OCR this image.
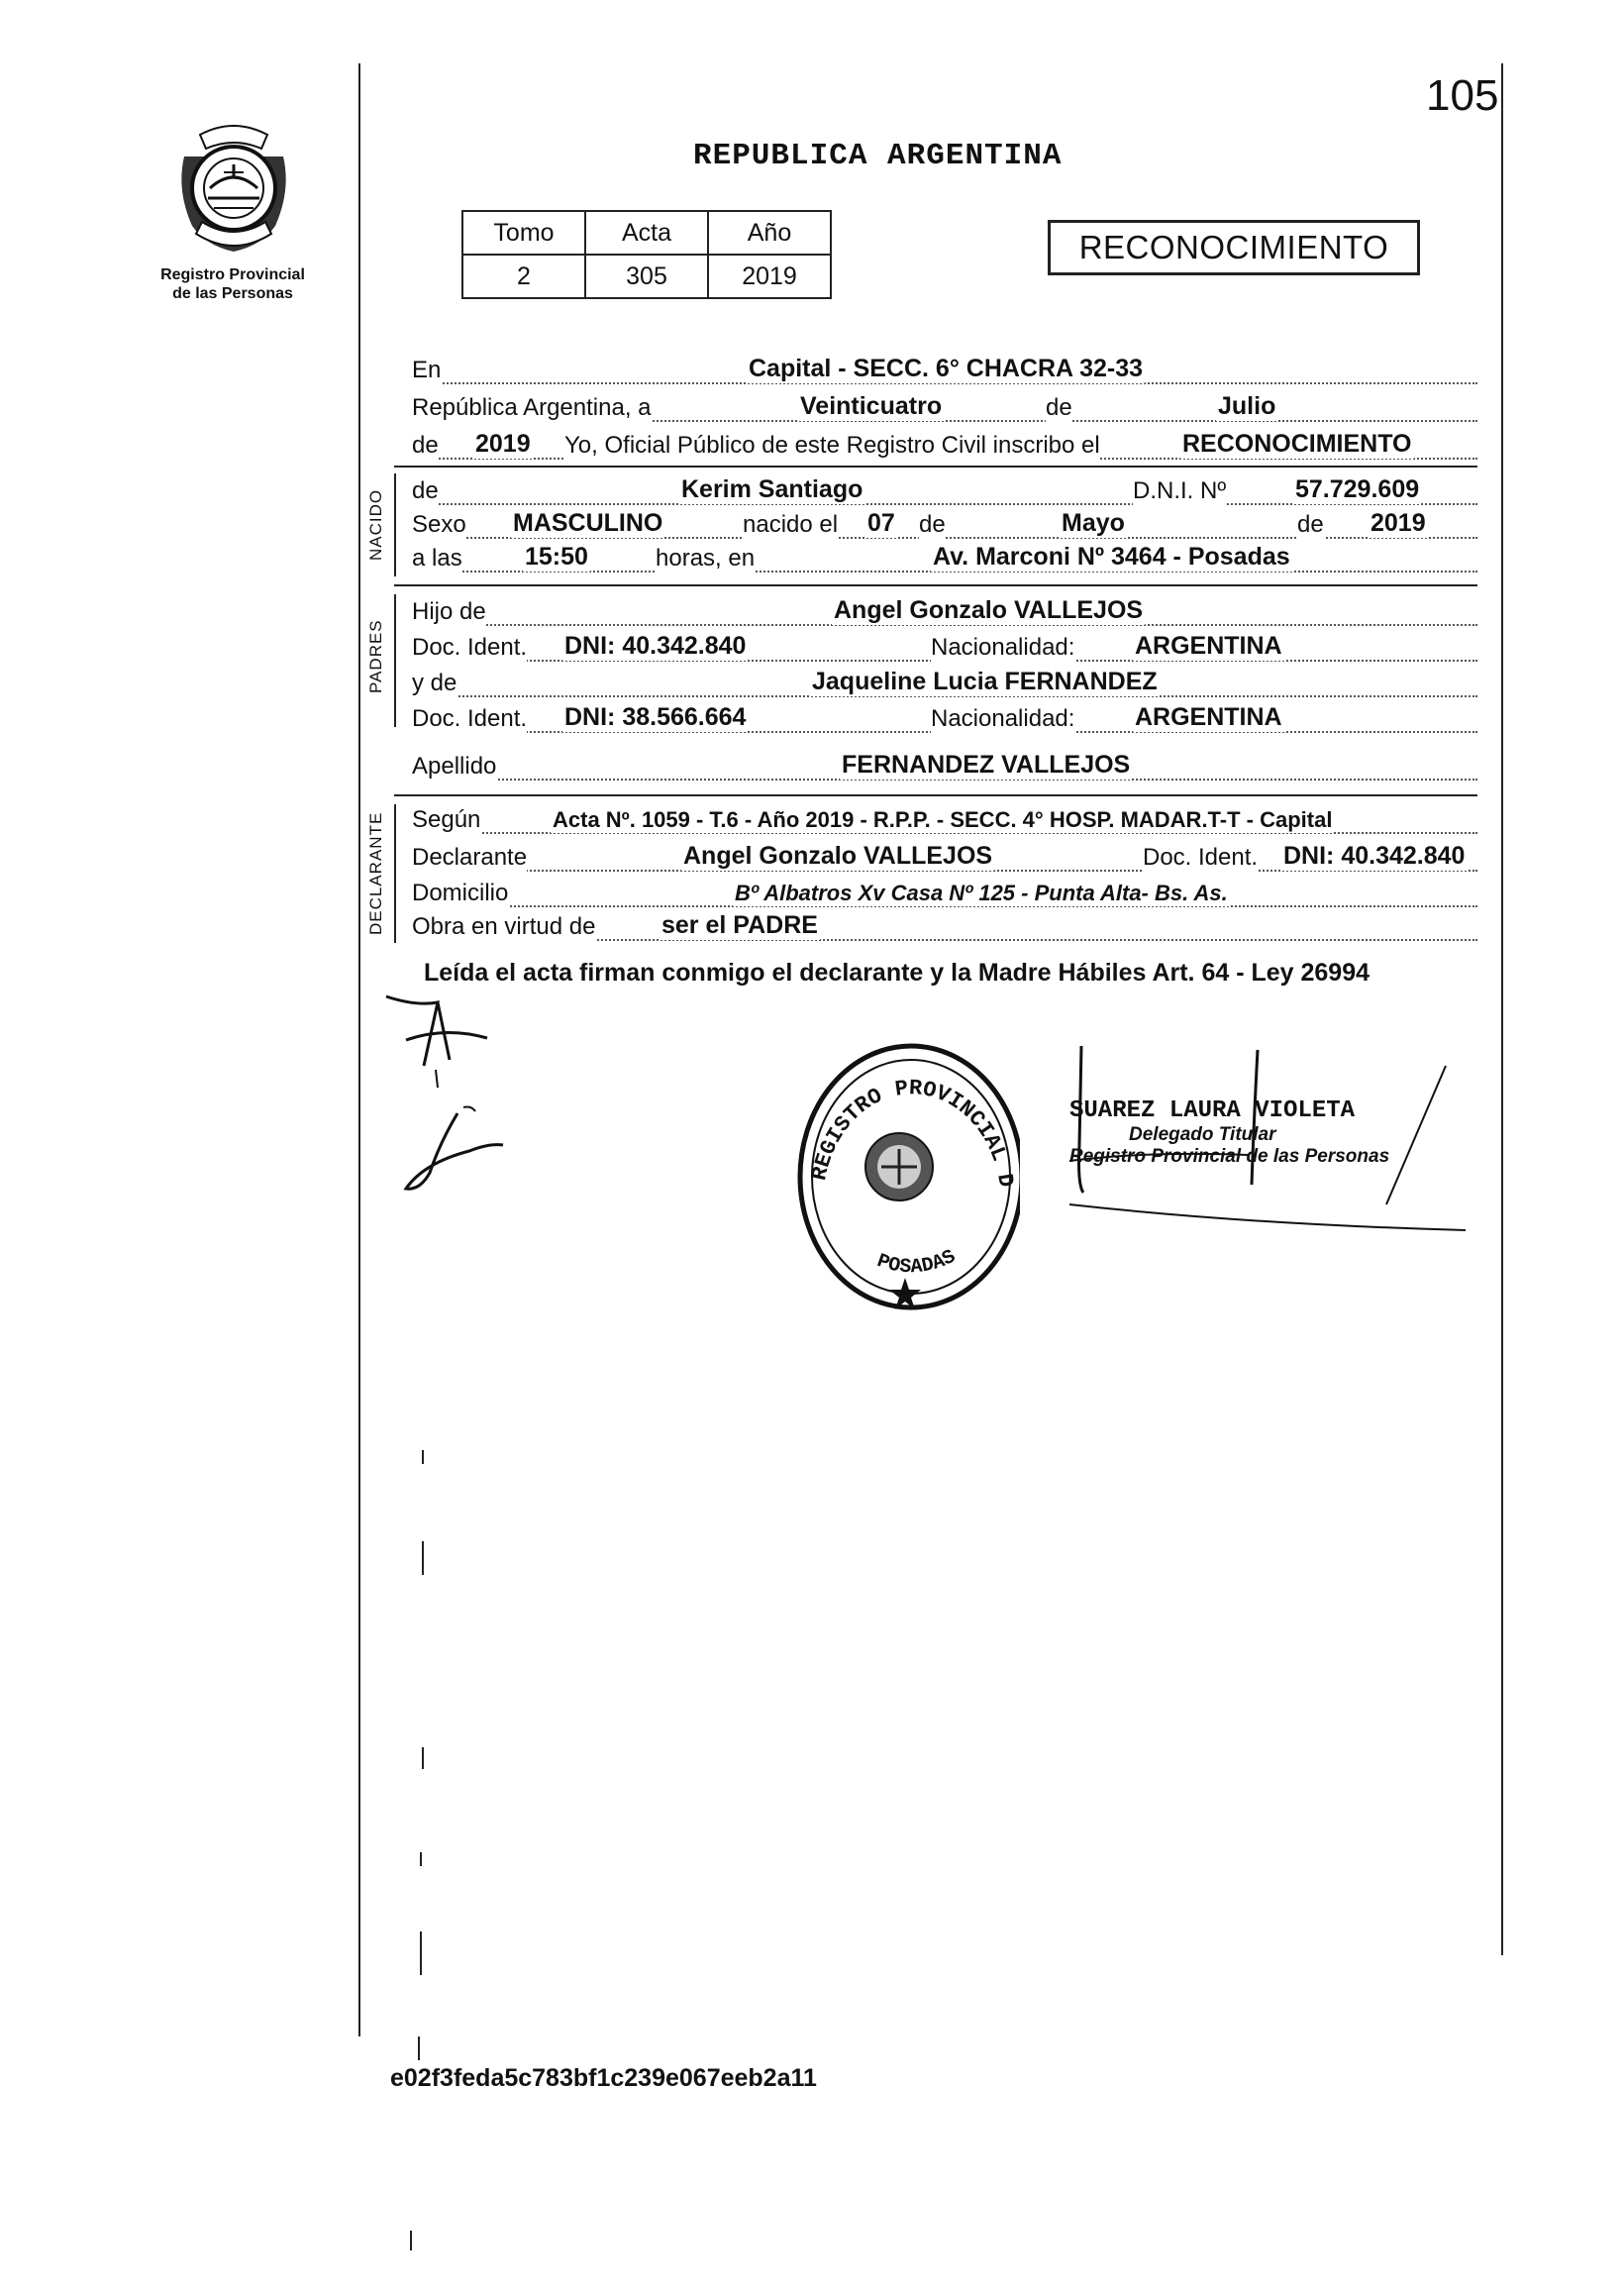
Registro Provincial
de las Personas
105
REPUBLICA ARGENTINA
Tomo	Acta	Año
2	305	2019
RECONOCIMIENTO
En	Capital - SECC. 6° CHACRA 32-33
República Argentina, a	Veinticuatro	de	Julio
de 2019 Yo, Oficial Público de este Registro Civil inscribo el	RECONOCIMIENTO
NACIDO de	Kerim Santiago	D.N.I. Nº	57.729.609
Sexo MASCULINO	nacido el 07 de	Mayo	de 2019
a las	15:50	horas, en	Av. Marconi Nº 3464 - Posadas
PADRES
Hijo de	Angel Gonzalo VALLEJOS
Doc. Ident. DNI: 40.342.840	Nacionalidad: ARGENTINA
y de	Jaqueline Lucia FERNANDEZ
Doc. Ident. DNI: 38.566.664	Nacionalidad: ARGENTINA
Apellido	FERNANDEZ VALLEJOS
DECLARANTE Según	Acta Nº. 1059 - T.6 - Año 2019 - R.P.P. - SECC. 4° HOSP. MADAR.T-T - Capital
Declarante	Angel Gonzalo VALLEJOS	Doc. Ident. DNI: 40.342.840
Domicilio	Bº Albatros Xv Casa Nº 125 - Punta Alta- Bs. As.
Obra en virtud de	ser el PADRE
Leída el acta firman conmigo el declarante y la Madre Hábiles Art. 64 - Ley 26994
REGISTRO PROVINCIAL D
POSADAS
SUAREZ LAURA VIOLETA
Delegado Titular
Registro Provincial de las Personas
e02f3feda5c783bf1c239e067eeb2a11
